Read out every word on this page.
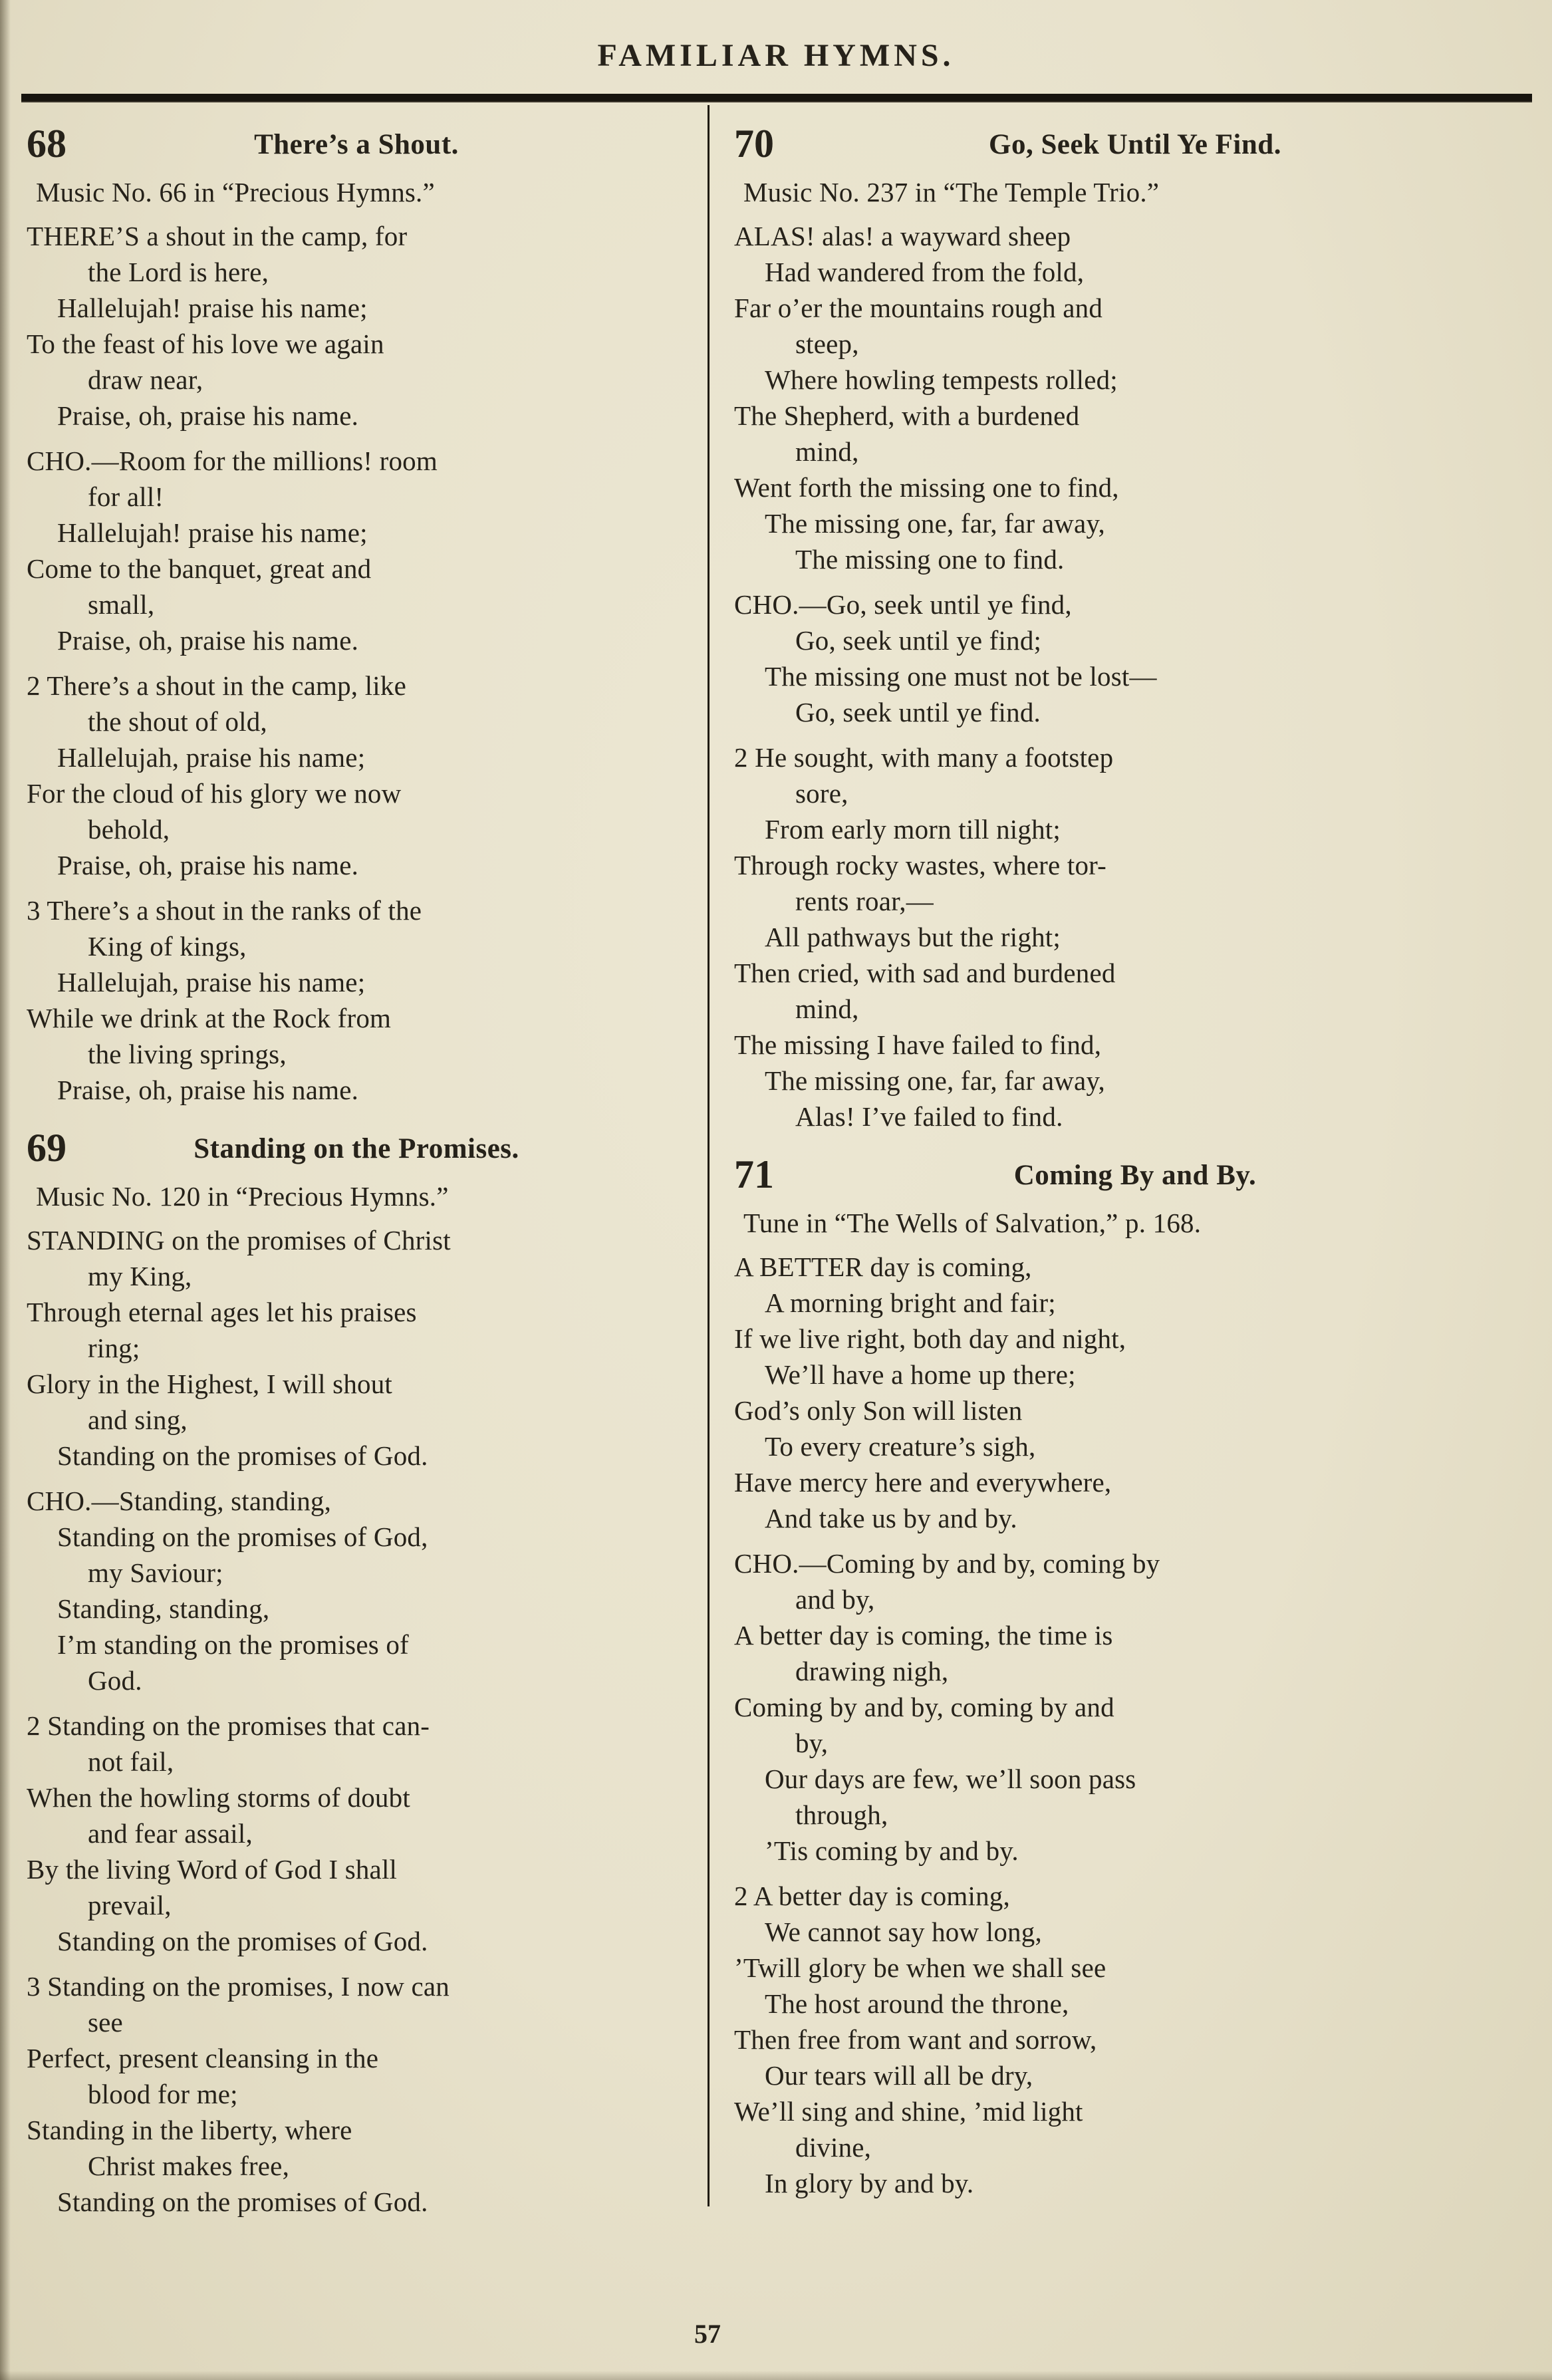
FAMILIAR HYMNS.
68	There’s a Shout.
Music No. 66 in “Precious Hymns.”
THERE’S a shout in the camp, for
the Lord is here,
Hallelujah! praise his name;
To the feast of his love we again
draw near,
Praise, oh, praise his name.
CHO.—Room for the millions! room
for all!
Hallelujah! praise his name;
Come to the banquet, great and
small,
Praise, oh, praise his name.
2 There’s a shout in the camp, like
the shout of old,
Hallelujah, praise his name;
For the cloud of his glory we now
behold,
Praise, oh, praise his name.
3 There’s a shout in the ranks of the
King of kings,
Hallelujah, praise his name;
While we drink at the Rock from
the living springs,
Praise, oh, praise his name.
69	Standing on the Promises.
Music No. 120 in “Precious Hymns.”
STANDING on the promises of Christ
my King,
Through eternal ages let his praises
ring;
Glory in the Highest, I will shout
and sing,
Standing on the promises of God.
CHO.—Standing, standing,
Standing on the promises of God,
my Saviour;
Standing, standing,
I’m standing on the promises of
God.
2 Standing on the promises that can-
not fail,
When the howling storms of doubt
and fear assail,
By the living Word of God I shall
prevail,
Standing on the promises of God.
3 Standing on the promises, I now can
see
Perfect, present cleansing in the
blood for me;
Standing in the liberty, where
Christ makes free,
Standing on the promises of God.
70	Go, Seek Until Ye Find.
Music No. 237 in “The Temple Trio.”
ALAS! alas! a wayward sheep
Had wandered from the fold,
Far o’er the mountains rough and
steep,
Where howling tempests rolled;
The Shepherd, with a burdened
mind,
Went forth the missing one to find,
The missing one, far, far away,
The missing one to find.
CHO.—Go, seek until ye find,
Go, seek until ye find;
The missing one must not be lost—
Go, seek until ye find.
2 He sought, with many a footstep
sore,
From early morn till night;
Through rocky wastes, where tor-
rents roar,—
All pathways but the right;
Then cried, with sad and burdened
mind,
The missing I have failed to find,
The missing one, far, far away,
Alas! I’ve failed to find.
71	Coming By and By.
Tune in “The Wells of Salvation,” p. 168.
A BETTER day is coming,
A morning bright and fair;
If we live right, both day and night,
We’ll have a home up there;
God’s only Son will listen
To every creature’s sigh,
Have mercy here and everywhere,
And take us by and by.
CHO.—Coming by and by, coming by
and by,
A better day is coming, the time is
drawing nigh,
Coming by and by, coming by and
by,
Our days are few, we’ll soon pass
through,
’Tis coming by and by.
2 A better day is coming,
We cannot say how long,
’Twill glory be when we shall see
The host around the throne,
Then free from want and sorrow,
Our tears will all be dry,
We’ll sing and shine, ’mid light
divine,
In glory by and by.
57
